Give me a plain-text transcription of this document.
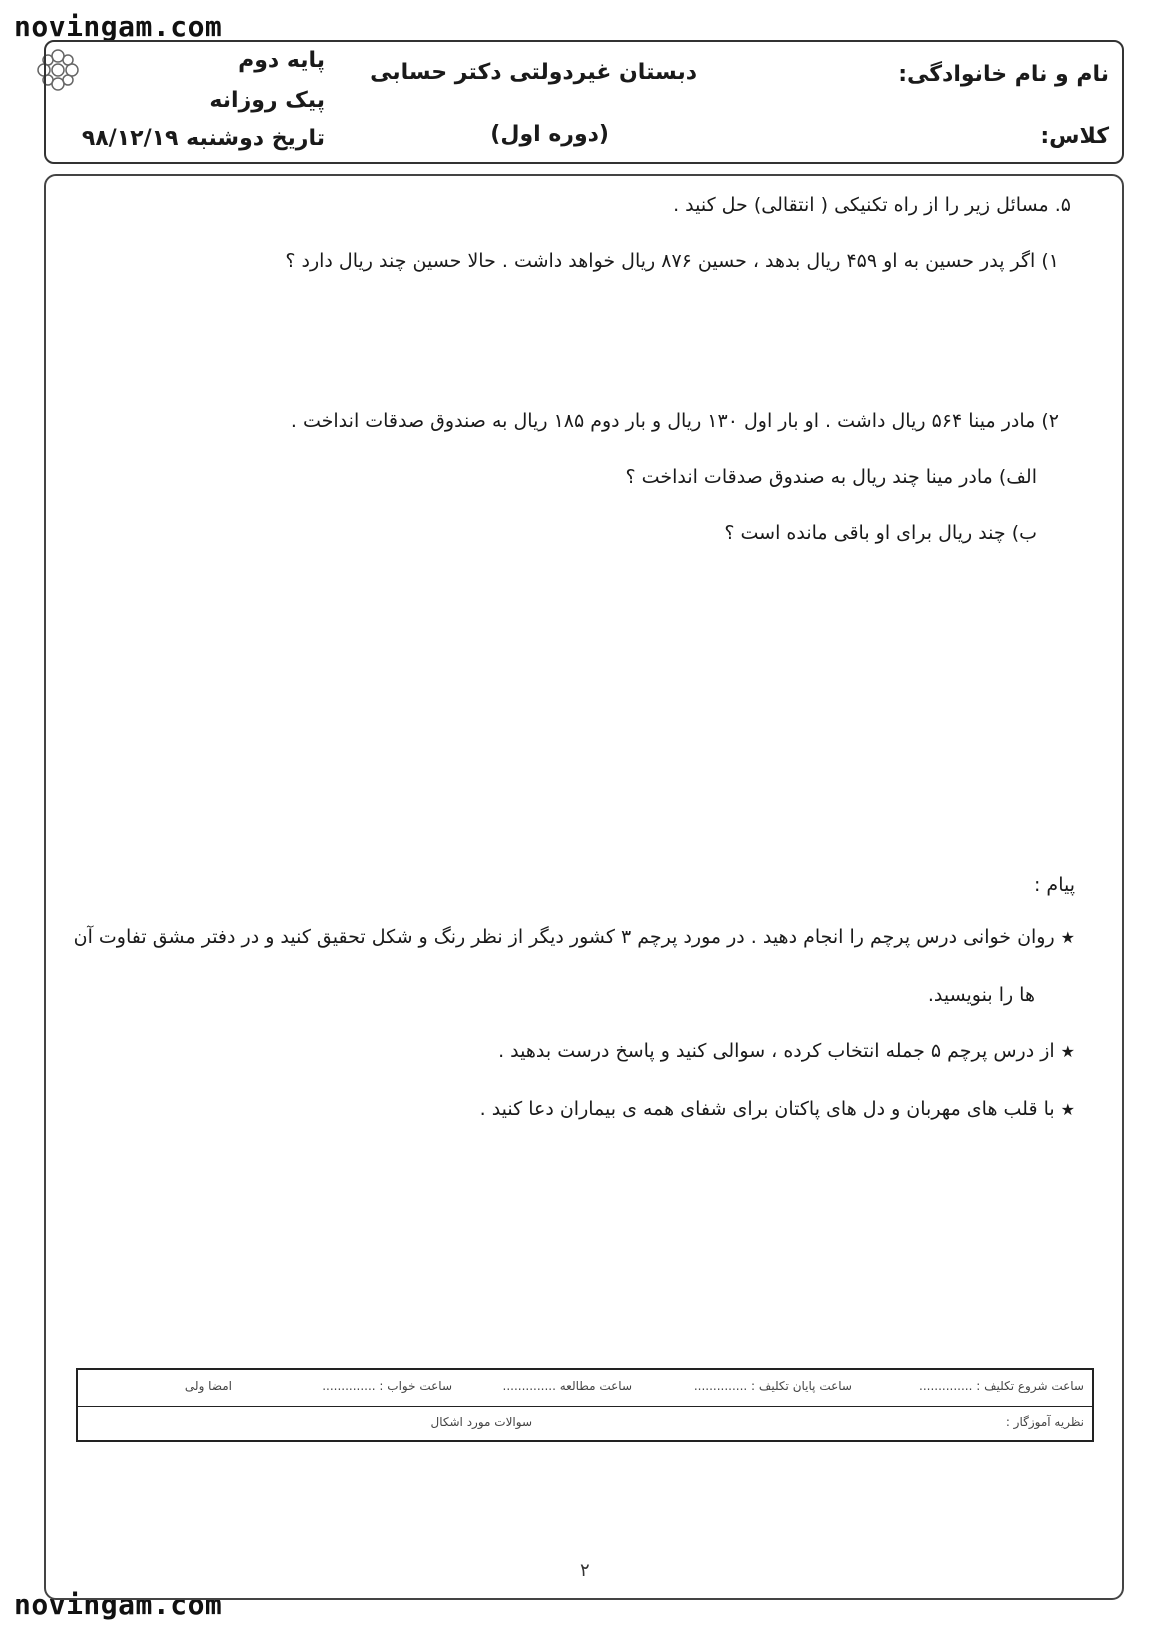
novingam.com
novingam.com
پایه دوم
پیک روزانه
تاریخ دوشنبه ۹۸/۱۲/۱۹
دبستان غیردولتی دکتر حسابی
(دوره اول)
نام و نام خانوادگی:
کلاس:
۵. مسائل زیر را از راه تکنیکی ( انتقالی) حل کنید .
۱) اگر پدر حسین به او ۴۵۹ ریال بدهد ، حسین ۸۷۶ ریال خواهد داشت . حالا حسین چند ریال دارد ؟
۲) مادر مینا ۵۶۴ ریال داشت . او بار اول ۱۳۰ ریال و بار دوم ۱۸۵ ریال به صندوق صدقات انداخت .
الف) مادر مینا چند ریال به صندوق صدقات انداخت ؟
ب) چند ریال برای او باقی مانده است ؟
پیام :
★روان خوانی درس پرچم را انجام دهید . در مورد پرچم ۳ کشور دیگر از نظر رنگ و شکل تحقیق کنید و در دفتر مشق تفاوت آن
ها را بنویسید.
★از درس پرچم ۵ جمله انتخاب کرده ، سوالی کنید و پاسخ درست بدهید .
★با قلب های مهربان و دل های پاکتان برای شفای همه ی بیماران دعا کنید .
ساعت شروع تکلیف : ..............
ساعت پایان تکلیف : ..............
ساعت مطالعه ..............
ساعت خواب : ..............
امضا ولی
نظریه آموزگار :
سوالات مورد اشکال
۲
